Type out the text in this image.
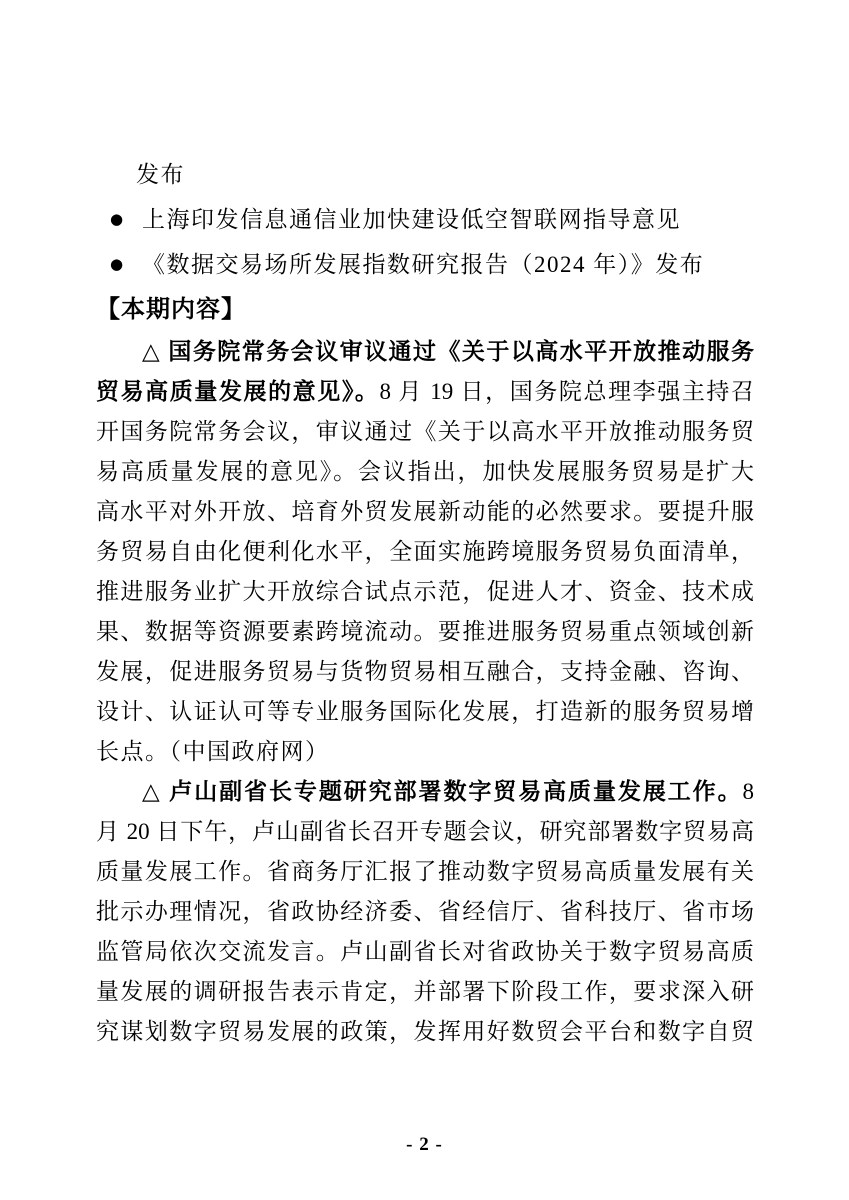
发布
● 上海印发信息通信业加快建设低空智联网指导意见
● 《数据交易场所发展指数研究报告（2024 年）》发布
【本期内容】
△ 国务院常务会议审议通过《关于以高水平开放推动服务
贸易高质量发展的意见》。8 月 19 日，国务院总理李强主持召
开国务院常务会议，审议通过《关于以高水平开放推动服务贸
易高质量发展的意见》。会议指出，加快发展服务贸易是扩大
高水平对外开放、培育外贸发展新动能的必然要求。要提升服
务贸易自由化便利化水平，全面实施跨境服务贸易负面清单，
推进服务业扩大开放综合试点示范，促进人才、资金、技术成
果、数据等资源要素跨境流动。要推进服务贸易重点领域创新
发展，促进服务贸易与货物贸易相互融合，支持金融、咨询、
设计、认证认可等专业服务国际化发展，打造新的服务贸易增
长点。（中国政府网）
△ 卢山副省长专题研究部署数字贸易高质量发展工作。8
月 20 日下午，卢山副省长召开专题会议，研究部署数字贸易高
质量发展工作。省商务厅汇报了推动数字贸易高质量发展有关
批示办理情况，省政协经济委、省经信厅、省科技厅、省市场
监管局依次交流发言。卢山副省长对省政协关于数字贸易高质
量发展的调研报告表示肯定，并部署下阶段工作，要求深入研
究谋划数字贸易发展的政策，发挥用好数贸会平台和数字自贸
- 2 -
